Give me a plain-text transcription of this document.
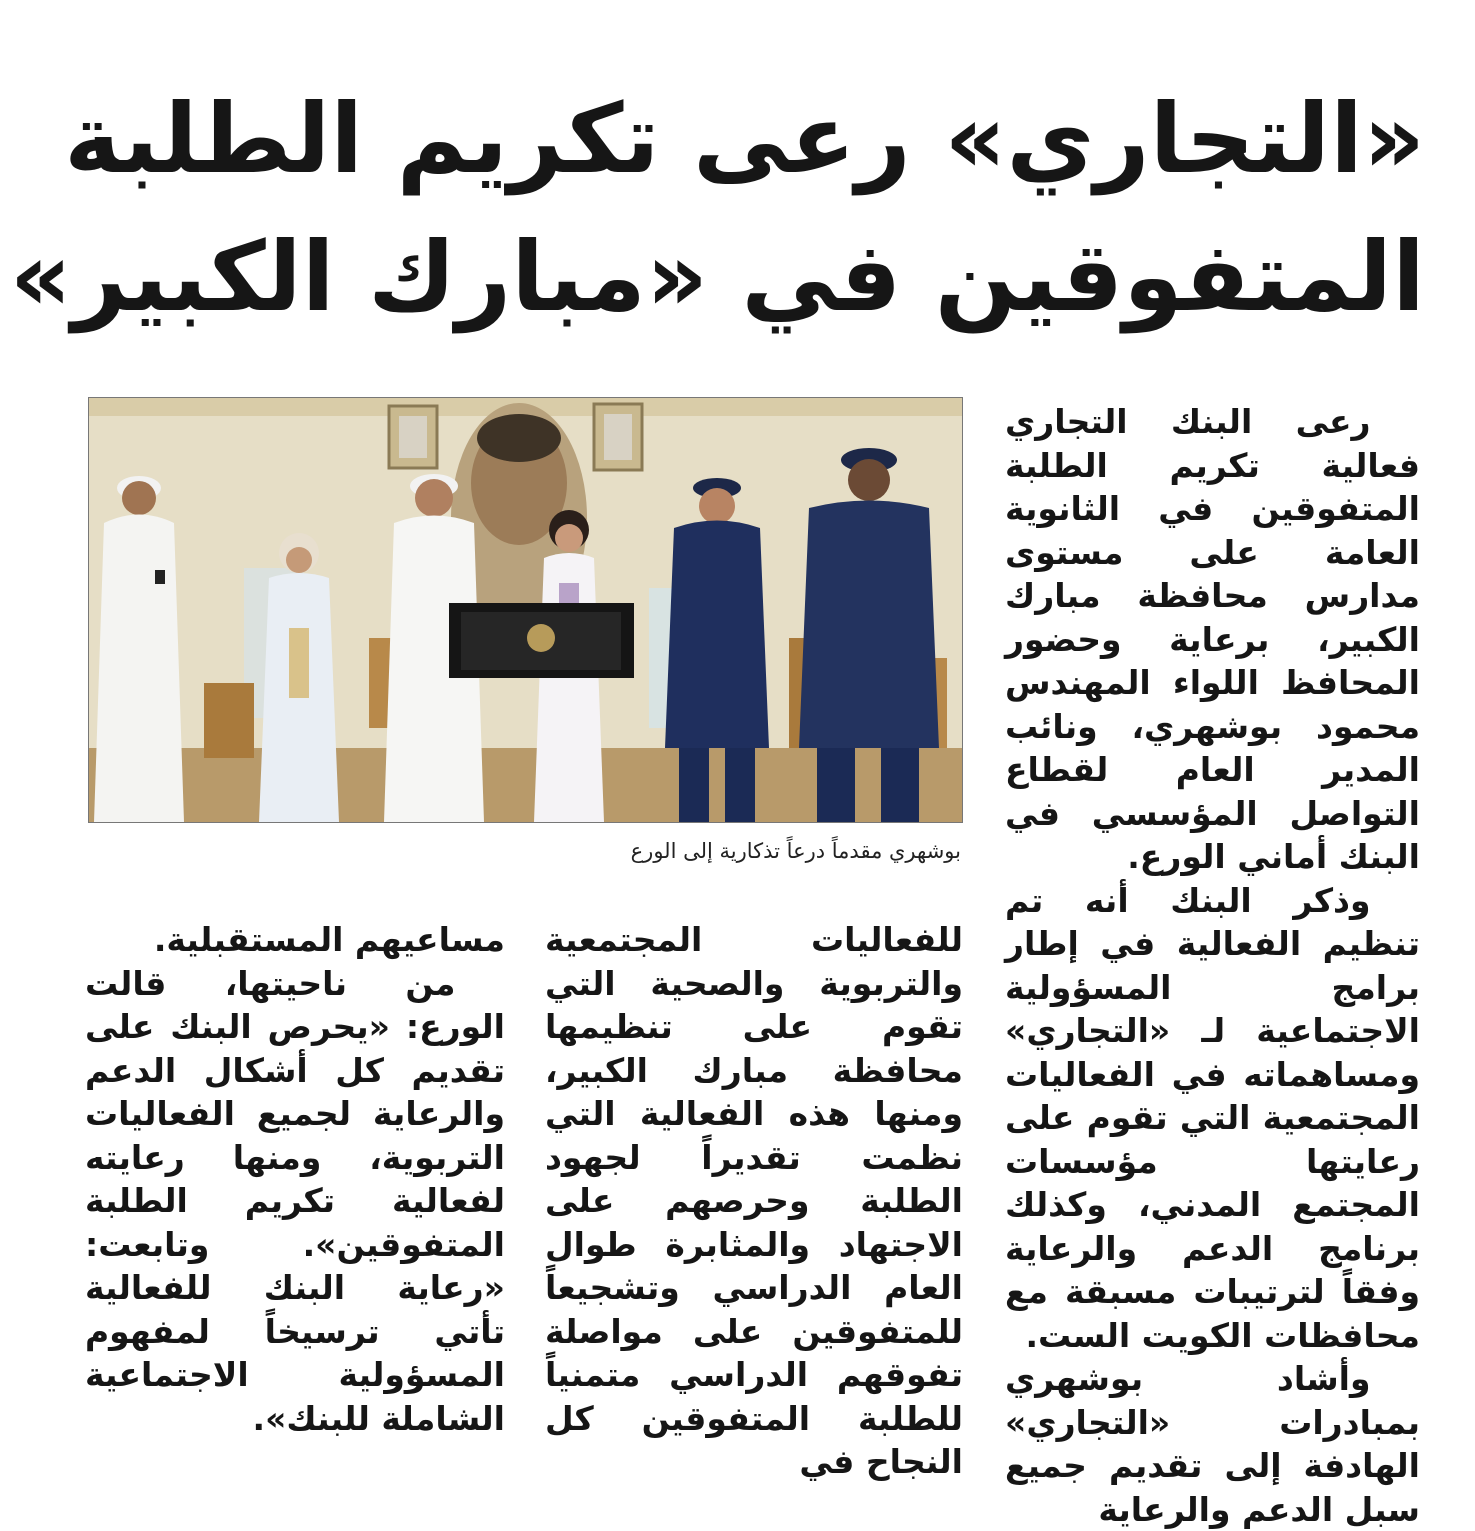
«التجاري» رعى تكريم الطلبة
المتفوقين في «مبارك الكبير»

رعى البنك التجاري فعالية تكريم الطلبة المتفوقين في الثانوية العامة على مستوى مدارس محافظة مبارك الكبير، برعاية وحضور المحافظ اللواء المهندس محمود بوشهري، ونائب المدير العام لقطاع التواصل المؤسسي في البنك أماني الورع.

وذكر البنك أنه تم تنظيم الفعالية في إطار برامج المسؤولية الاجتماعية لـ «التجاري» ومساهماته في الفعاليات المجتمعية التي تقوم على رعايتها مؤسسات المجتمع المدني، وكذلك برنامج الدعم والرعاية وفقاً لترتيبات مسبقة مع محافظات الكويت الست.

وأشاد بوشهري بمبادرات «التجاري» الهادفة إلى تقديم جميع سبل الدعم والرعاية

بوشهري مقدماً درعاً تذكارية إلى الورع

للفعاليات المجتمعية والتربوية والصحية التي تقوم على تنظيمها محافظة مبارك الكبير، ومنها هذه الفعالية التي نظمت تقديراً لجهود الطلبة وحرصهم على الاجتهاد والمثابرة طوال العام الدراسي وتشجيعاً للمتفوقين على مواصلة تفوقهم الدراسي متمنياً للطلبة المتفوقين كل النجاح في

مساعيهم المستقبلية.

من ناحيتها، قالت الورع: «يحرص البنك على تقديم كل أشكال الدعم والرعاية لجميع الفعاليات التربوية، ومنها رعايته لفعالية تكريم الطلبة المتفوقين». وتابعت: «رعاية البنك للفعالية تأتي ترسيخاً لمفهوم المسؤولية الاجتماعية الشاملة للبنك».
